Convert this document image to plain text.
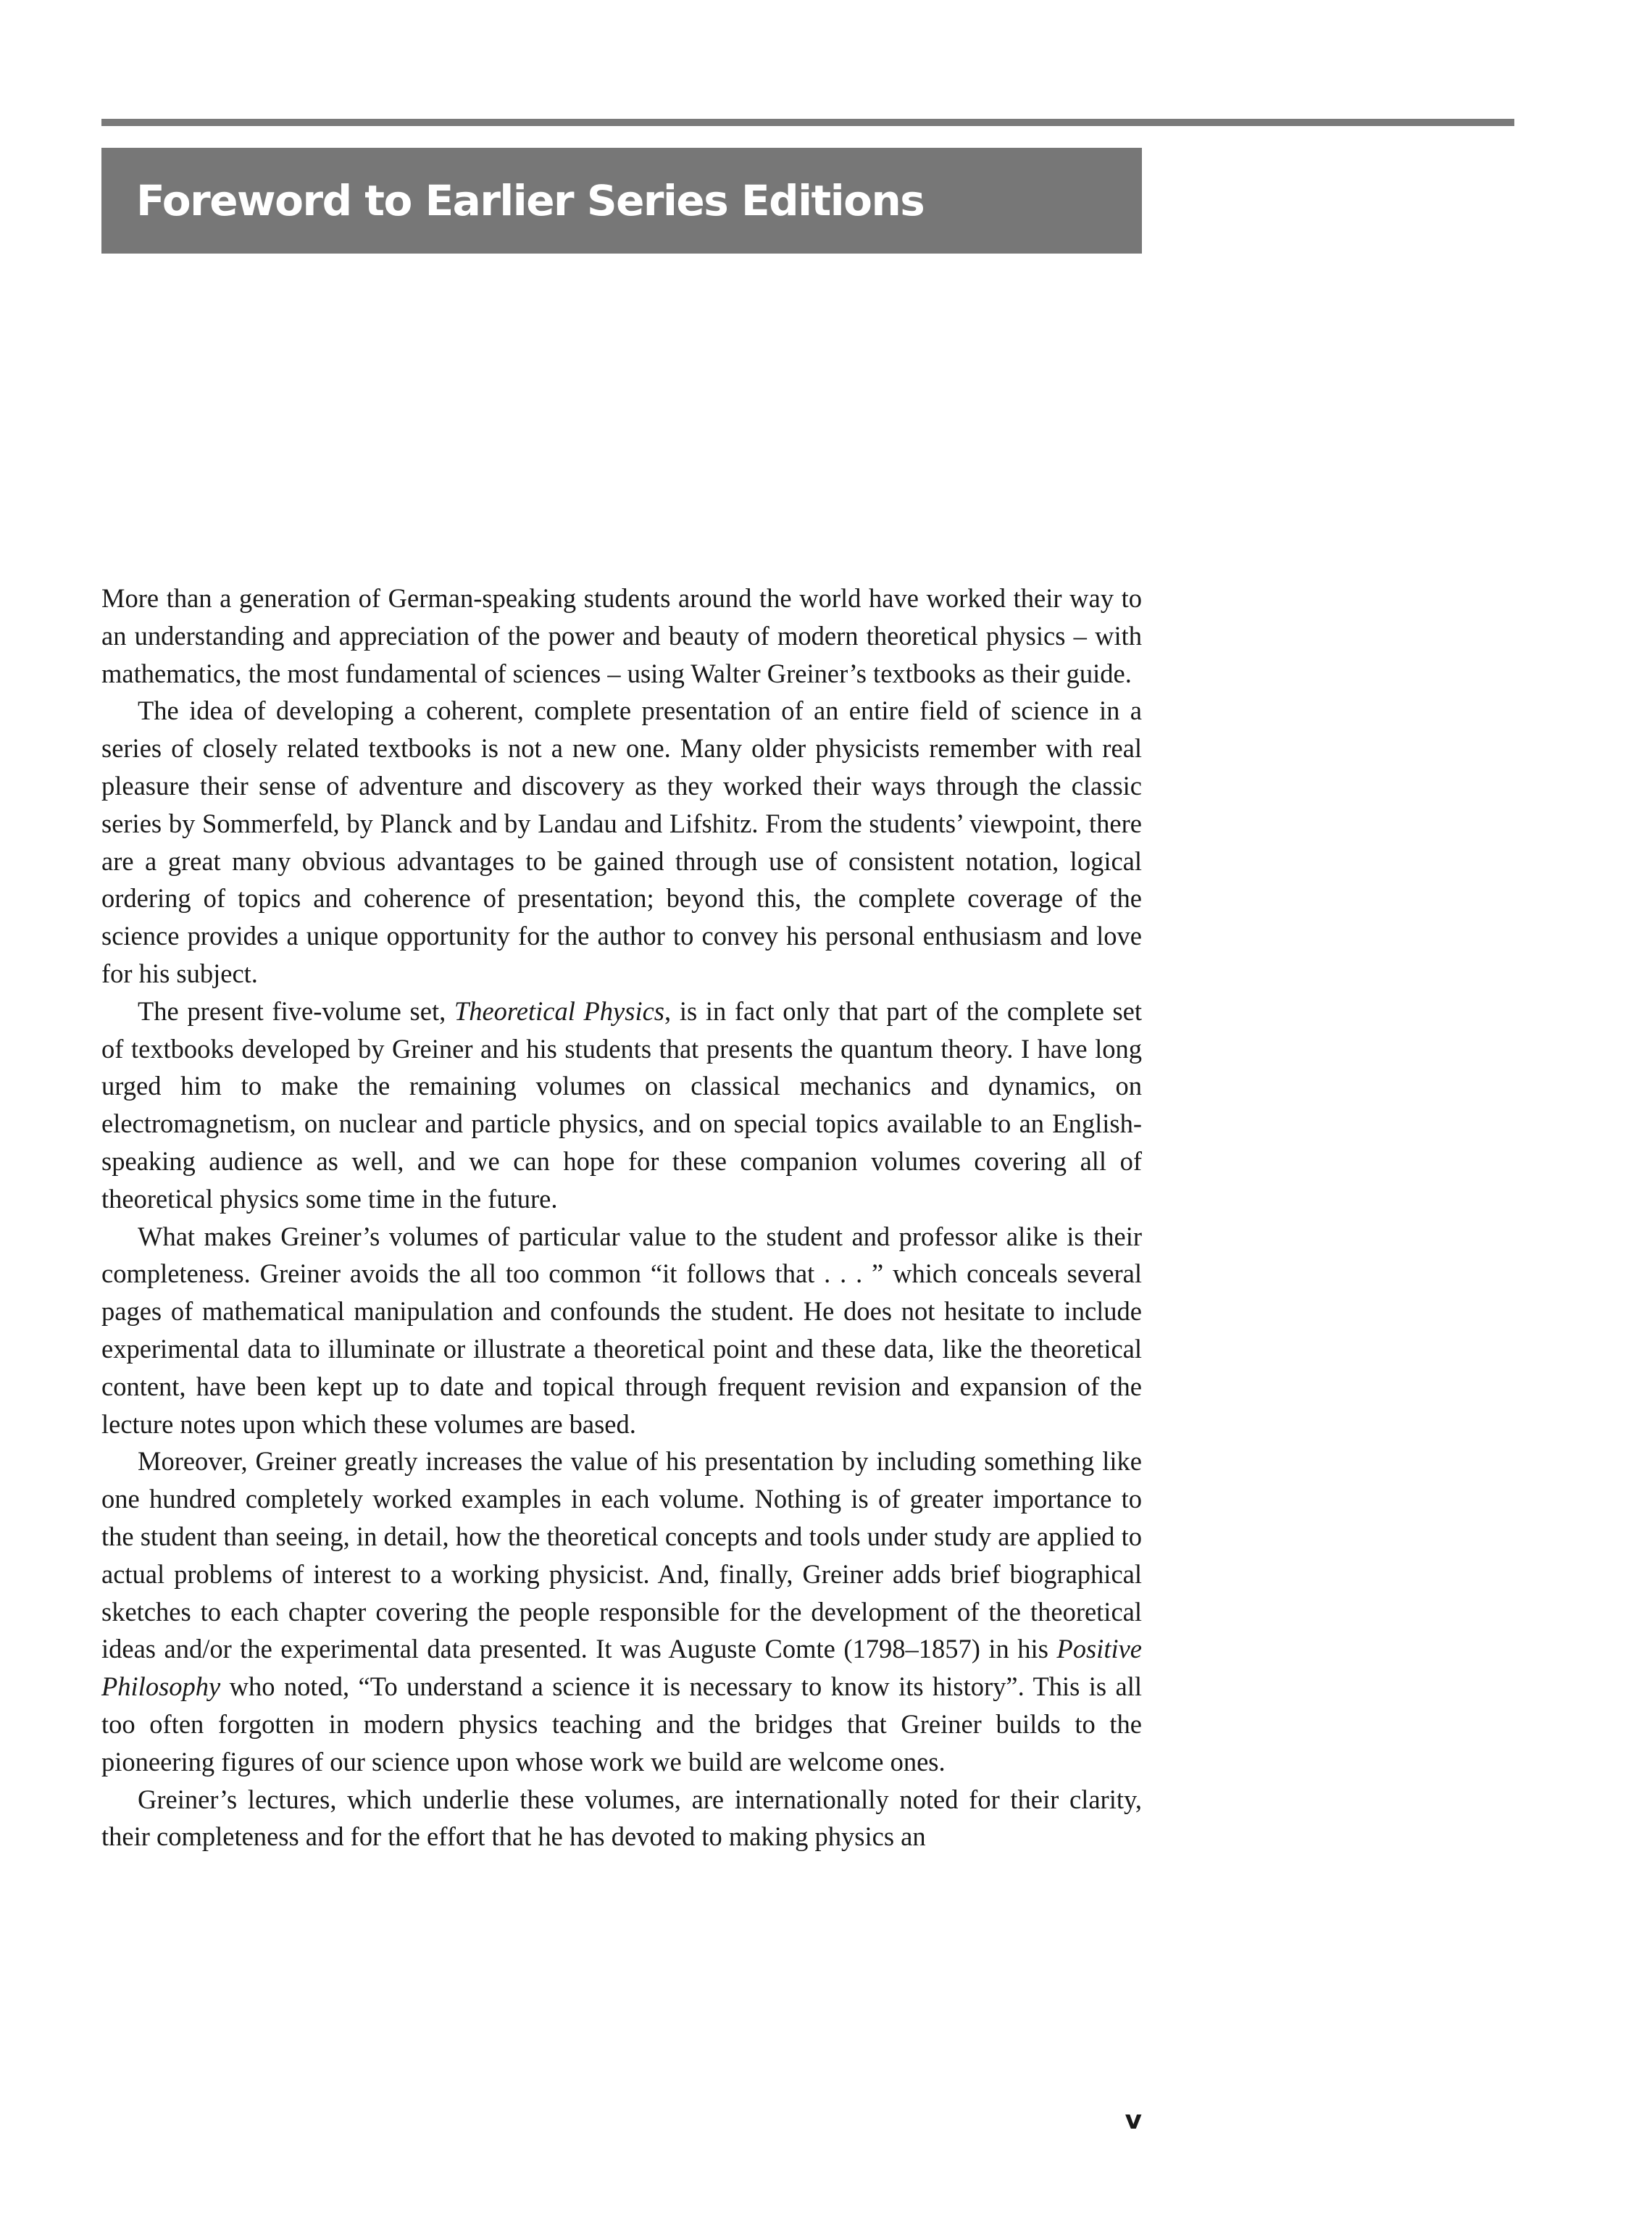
Foreword to Earlier Series Editions

More than a generation of German-speaking students around the world have worked their way to an understanding and appreciation of the power and beauty of modern theoretical physics – with mathematics, the most fundamental of sciences – using Walter Greiner’s textbooks as their guide.

The idea of developing a coherent, complete presentation of an entire field of science in a series of closely related textbooks is not a new one. Many older physicists remember with real pleasure their sense of adventure and discovery as they worked their ways through the classic series by Sommerfeld, by Planck and by Landau and Lifshitz. From the students’ viewpoint, there are a great many obvious advantages to be gained through use of consistent notation, logical ordering of topics and coherence of presentation; beyond this, the complete coverage of the science provides a unique opportunity for the author to convey his personal enthusiasm and love for his subject.

The present five-volume set, Theoretical Physics, is in fact only that part of the complete set of textbooks developed by Greiner and his students that presents the quantum theory. I have long urged him to make the remaining volumes on classical mechanics and dynamics, on electromagnetism, on nuclear and particle physics, and on special topics available to an English-speaking audience as well, and we can hope for these companion volumes covering all of theoretical physics some time in the future.

What makes Greiner’s volumes of particular value to the student and professor alike is their completeness. Greiner avoids the all too common “it follows that . . . ” which conceals several pages of mathematical manipulation and confounds the student. He does not hesitate to include experimental data to illuminate or illustrate a theoretical point and these data, like the theoretical content, have been kept up to date and topical through frequent revision and expansion of the lecture notes upon which these volumes are based.

Moreover, Greiner greatly increases the value of his presentation by including something like one hundred completely worked examples in each volume. Nothing is of greater importance to the student than seeing, in detail, how the theoretical concepts and tools under study are applied to actual problems of interest to a working physicist. And, finally, Greiner adds brief biographical sketches to each chapter covering the people responsible for the development of the theoretical ideas and/or the experimental data presented. It was Auguste Comte (1798–1857) in his Positive Philosophy who noted, “To understand a science it is necessary to know its history”. This is all too often forgotten in modern physics teaching and the bridges that Greiner builds to the pioneering figures of our science upon whose work we build are welcome ones.

Greiner’s lectures, which underlie these volumes, are internationally noted for their clarity, their completeness and for the effort that he has devoted to making physics an

v
